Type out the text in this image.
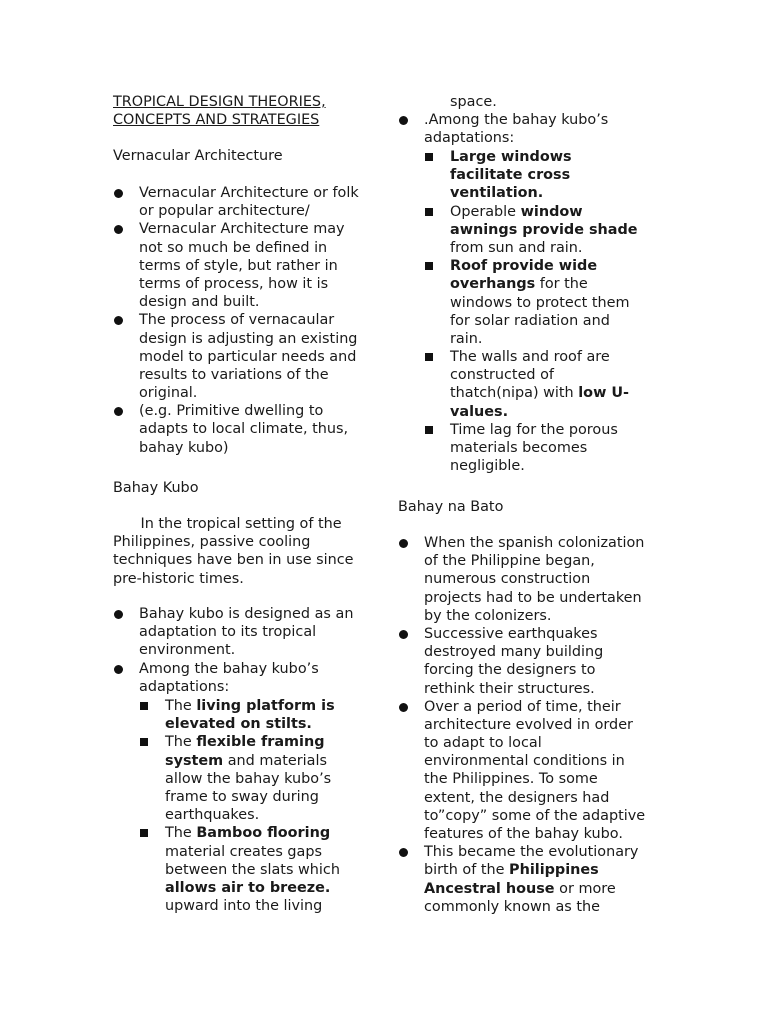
TROPICAL DESIGN THEORIES,
CONCEPTS AND STRATEGIES
Vernacular Architecture
Vernacular Architecture or folk
or popular architecture/
Vernacular Architecture may
not so much be defined in
terms of style, but rather in
terms of process, how it is
design and built.
The process of vernacaular
design is adjusting an existing
model to particular needs and
results to variations of the
original.
(e.g. Primitive dwelling to
adapts to local climate, thus,
bahay kubo)
Bahay Kubo
In the tropical setting of the
Philippines, passive cooling
techniques have ben in use since
pre-historic times.
Bahay kubo is designed as an
adaptation to its tropical
environment.
Among the bahay kubo’s
adaptations:
The living platform is
elevated on stilts.
The flexible framing
system and materials
allow the bahay kubo’s
frame to sway during
earthquakes.
The Bamboo flooring
material creates gaps
between the slats which
allows air to breeze.
upward into the living
space.
.Among the bahay kubo’s
adaptations:
Large windows
facilitate cross
ventilation.
Operable window
awnings provide shade
from sun and rain.
Roof provide wide
overhangs for the
windows to protect them
for solar radiation and
rain.
The walls and roof are
constructed of
thatch(nipa) with low U-
values.
Time lag for the porous
materials becomes
negligible.
Bahay na Bato
When the spanish colonization
of the Philippine began,
numerous construction
projects had to be undertaken
by the colonizers.
Successive earthquakes
destroyed many building
forcing the designers to
rethink their structures.
Over a period of time, their
architecture evolved in order
to adapt to local
environmental conditions in
the Philippines. To some
extent, the designers had
to”copy” some of the adaptive
features of the bahay kubo.
This became the evolutionary
birth of the Philippines
Ancestral house or more
commonly known as the
